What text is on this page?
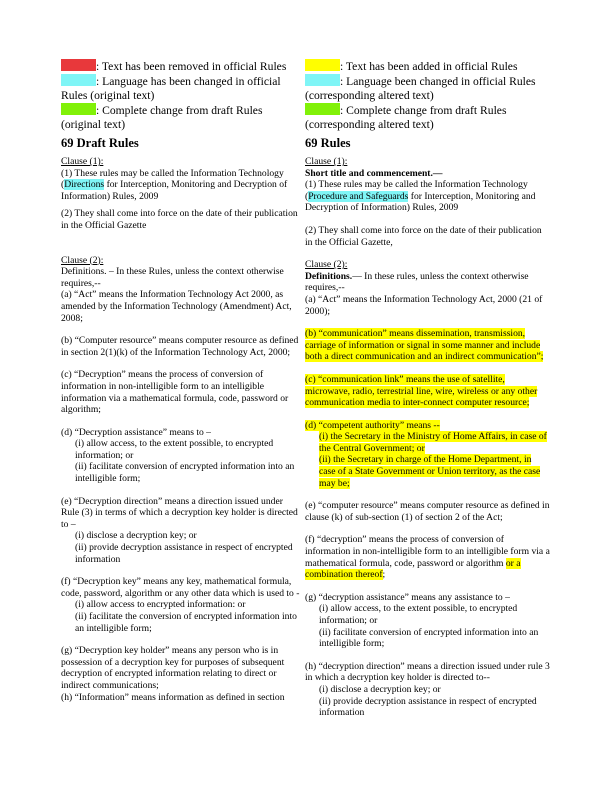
: Text has been removed in official Rules
: Language has been changed in official Rules (original text)
: Complete change from draft Rules (original text)
69 Draft Rules
Clause (1):
(1) These rules may be called the Information Technology (Directions for Interception, Monitoring and Decryption of Information) Rules, 2009
(2) They shall come into force on the date of their publication in the Official Gazette
Clause (2):
Definitions. – In these Rules, unless the context otherwise requires,--
(a) “Act” means the Information Technology Act 2000, as amended by the Information Technology (Amendment) Act, 2008;
(b) “Computer resource” means computer resource as defined in section 2(1)(k) of the Information Technology Act, 2000;
(c) “Decryption” means the process of conversion of information in non-intelligible form to an intelligible information via a mathematical formula, code, password or algorithm;
(d) “Decryption assistance” means to –
(i) allow access, to the extent possible, to encrypted information; or
(ii) facilitate conversion of encrypted information into an intelligible form;
(e) “Decryption direction” means a direction issued under Rule (3) in terms of which a decryption key holder is directed to –
(i) disclose a decryption key; or
(ii) provide decryption assistance in respect of encrypted information
(f) “Decryption key” means any key, mathematical formula, code, password, algorithm or any other data which is used to -
(i) allow access to encrypted information: or
(ii) facilitate the conversion of encrypted information into an intelligible form;
(g) “Decryption key holder” means any person who is in possession of a decryption key for purposes of subsequent decryption of encrypted information relating to direct or indirect communications;
(h) “Information” means information as defined in section
: Text has been added in official Rules
: Language been changed in official Rules (corresponding altered text)
: Complete change from draft Rules (corresponding altered text)
69 Rules
Clause (1):
Short title and commencement.—
(1) These rules may be called the Information Technology (Procedure and Safeguards for Interception, Monitoring and Decryption of Information) Rules, 2009
(2) They shall come into force on the date of their publication in the Official Gazette,
Clause (2):
Definitions.— In these rules, unless the context otherwise requires,--
(a) “Act” means the Information Technology Act, 2000 (21 of 2000);
(b) “communication” means dissemination, transmission, carriage of information or signal in some manner and include both a direct communication and an indirect communication”;
(c) “communication link” means the use of satellite, microwave, radio, terrestrial line, wire, wireless or any other communication media to inter-connect computer resource;
(d) “competent authority” means --
(i) the Secretary in the Ministry of Home Affairs, in case of the Central Government; or
(ii) the Secretary in charge of the Home Department, in case of a State Government or Union territory, as the case may be;
(e) “computer resource” means computer resource as defined in clause (k) of sub-section (1) of section 2 of the Act;
(f) “decryption” means the process of conversion of information in non-intelligible form to an intelligible form via a mathematical formula, code, password or algorithm or a combination thereof;
(g) “decryption assistance” means any assistance to –
(i) allow access, to the extent possible, to encrypted information; or
(ii) facilitate conversion of encrypted information into an intelligible form;
(h) “decryption direction” means a direction issued under rule 3 in which a decryption key holder is directed to--
(i) disclose a decryption key; or
(ii) provide decryption assistance in respect of encrypted information
